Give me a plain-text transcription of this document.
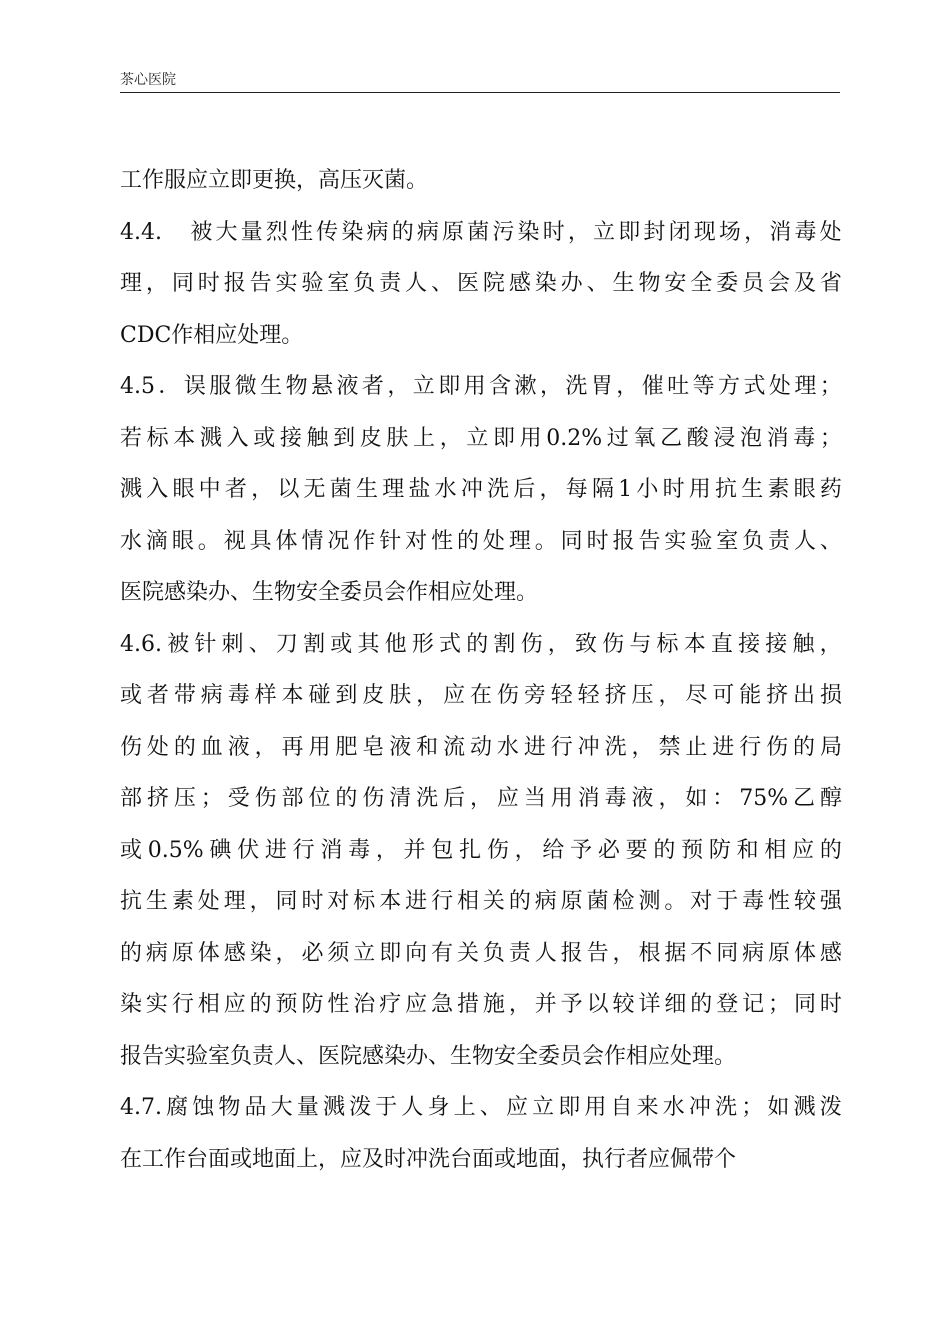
茶心医院
工作服应立即更换，高压灭菌。
4.4.
　 被 大 量 烈 性 传 染 病 的 病 原 菌 污 染 时 ， 立 即 封 闭 现 场 ， 消 毒 处
理 ， 同 时 报 告 实 验 室 负 责 人 、 医 院 感 染 办 、 生 物 安 全 委 员 会 及 省
CDC作相应处理。
4.5 ． 误 服 微 生 物 悬 液 者 ， 立 即 用 含 漱 ， 洗 胃 ， 催 吐 等 方 式 处 理 ；
若 标 本 溅 入 或 接 触 到 皮 肤 上 ， 立 即 用 0.2% 过 氧 乙 酸 浸 泡 消 毒 ；
溅 入 眼 中 者 ， 以 无 菌 生 理 盐 水 冲 洗 后 ， 每 隔 1 小 时 用 抗 生 素 眼 药
水 滴 眼 。 视 具 体 情 况 作 针 对 性 的 处 理 。 同 时 报 告 实 验 室 负 责 人 、
医院感染办、生物安全委员会作相应处理。
4.6. 被 针 刺 、 刀 割 或 其 他 形 式 的 割 伤 ， 致 伤 与 标 本 直 接 接 触 ，
或 者 带 病 毒 样 本 碰 到 皮 肤 ， 应 在 伤 旁 轻 轻 挤 压 ， 尽 可 能 挤 出 损
伤 处 的 血 液 ， 再 用 肥 皂 液 和 流 动 水 进 行 冲 洗 ， 禁 止 进 行 伤 的 局
部 挤 压 ； 受 伤 部 位 的 伤 清 洗 后 ， 应 当 用 消 毒 液 ， 如 ： 75% 乙 醇
或 0.5% 碘 伏 进 行 消 毒 ， 并 包 扎 伤 ， 给 予 必 要 的 预 防 和 相 应 的
抗 生 素 处 理 ， 同 时 对 标 本 进 行 相 关 的 病 原 菌 检 测 。 对 于 毒 性 较 强
的 病 原 体 感 染 ， 必 须 立 即 向 有 关 负 责 人 报 告 ， 根 据 不 同 病 原 体 感
染 实 行 相 应 的 预 防 性 治 疗 应 急 措 施 ， 并 予 以 较 详 细 的 登 记 ； 同 时
报告实验室负责人、医院感染办、生物安全委员会作相应处理。
4.7. 腐 蚀 物 品 大 量 溅 泼 于 人 身 上 、 应 立 即 用 自 来 水 冲 洗 ； 如 溅 泼
在工作台面或地面上，应及时冲洗台面或地面，执行者应佩带个
